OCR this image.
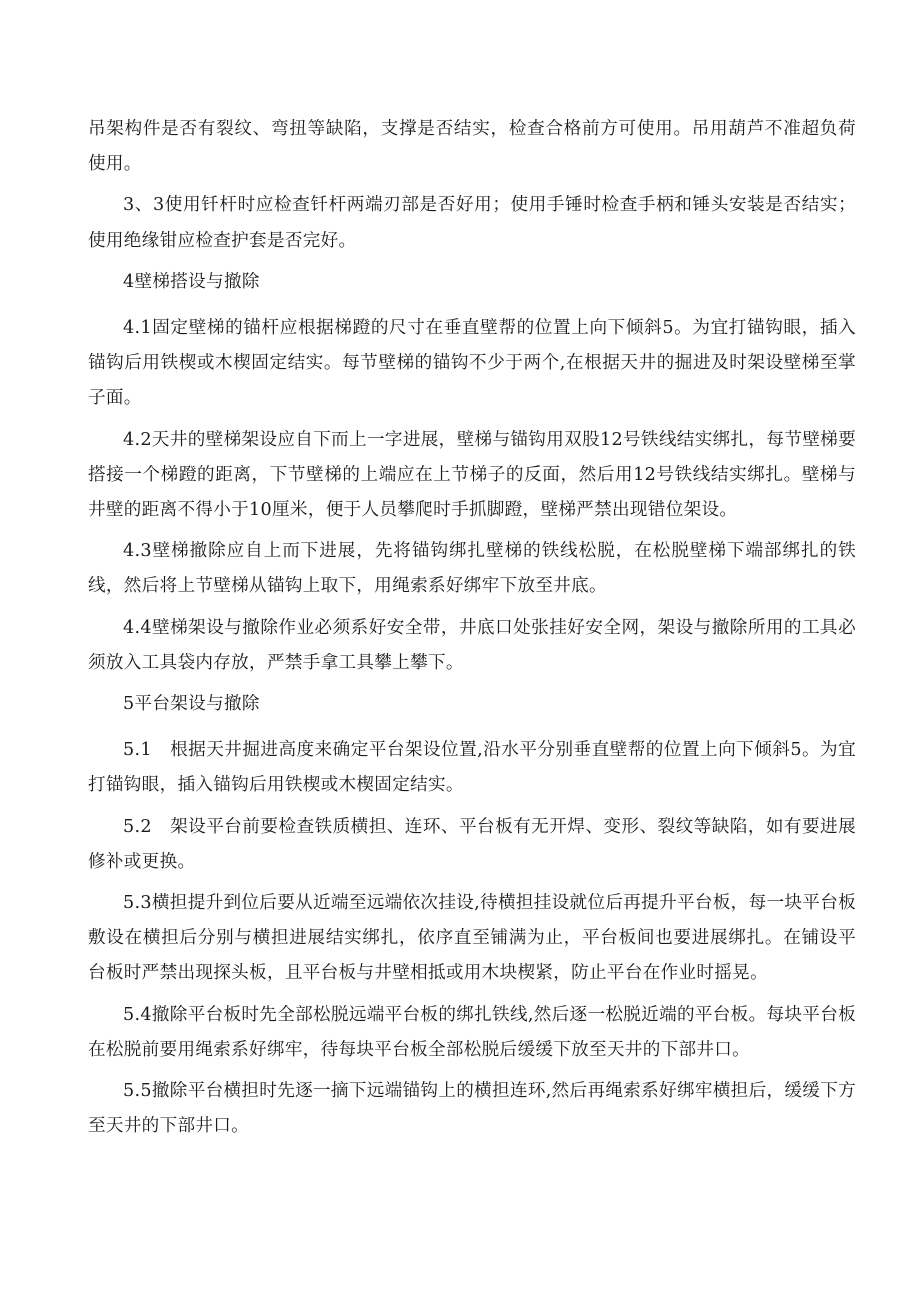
吊架构件是否有裂纹、弯扭等缺陷，支撑是否结实，检查合格前方可使用。吊用葫芦不准超负荷使用。

3、3使用钎杆时应检查钎杆两端刃部是否好用；使用手锤时检查手柄和锤头安装是否结实；使用绝缘钳应检查护套是否完好。

4壁梯搭设与撤除

4.1固定壁梯的锚杆应根据梯蹬的尺寸在垂直壁帮的位置上向下倾斜5。为宜打锚钩眼，插入锚钩后用铁楔或木楔固定结实。每节壁梯的锚钩不少于两个,在根据天井的掘进及时架设壁梯至掌子面。

4.2天井的壁梯架设应自下而上一字进展，壁梯与锚钩用双股12号铁线结实绑扎，每节壁梯要搭接一个梯蹬的距离，下节壁梯的上端应在上节梯子的反面，然后用12号铁线结实绑扎。壁梯与井壁的距离不得小于10厘米，便于人员攀爬时手抓脚蹬，壁梯严禁出现错位架设。

4.3壁梯撤除应自上而下进展，先将锚钩绑扎壁梯的铁线松脱，在松脱壁梯下端部绑扎的铁线，然后将上节壁梯从锚钩上取下，用绳索系好绑牢下放至井底。

4.4壁梯架设与撤除作业必须系好安全带，井底口处张挂好安全网，架设与撤除所用的工具必须放入工具袋内存放，严禁手拿工具攀上攀下。

5平台架设与撤除

5.1　根据天井掘进高度来确定平台架设位置,沿水平分别垂直壁帮的位置上向下倾斜5。为宜打锚钩眼，插入锚钩后用铁楔或木楔固定结实。

5.2　架设平台前要检查铁质横担、连环、平台板有无开焊、变形、裂纹等缺陷，如有要进展修补或更换。

5.3横担提升到位后要从近端至远端依次挂设,待横担挂设就位后再提升平台板，每一块平台板敷设在横担后分别与横担进展结实绑扎，依序直至铺满为止，平台板间也要进展绑扎。在铺设平台板时严禁出现探头板，且平台板与井壁相抵或用木块楔紧，防止平台在作业时摇晃。

5.4撤除平台板时先全部松脱远端平台板的绑扎铁线,然后逐一松脱近端的平台板。每块平台板在松脱前要用绳索系好绑牢，待每块平台板全部松脱后缓缓下放至天井的下部井口。

5.5撤除平台横担时先逐一摘下远端锚钩上的横担连环,然后再绳索系好绑牢横担后，缓缓下方至天井的下部井口。
